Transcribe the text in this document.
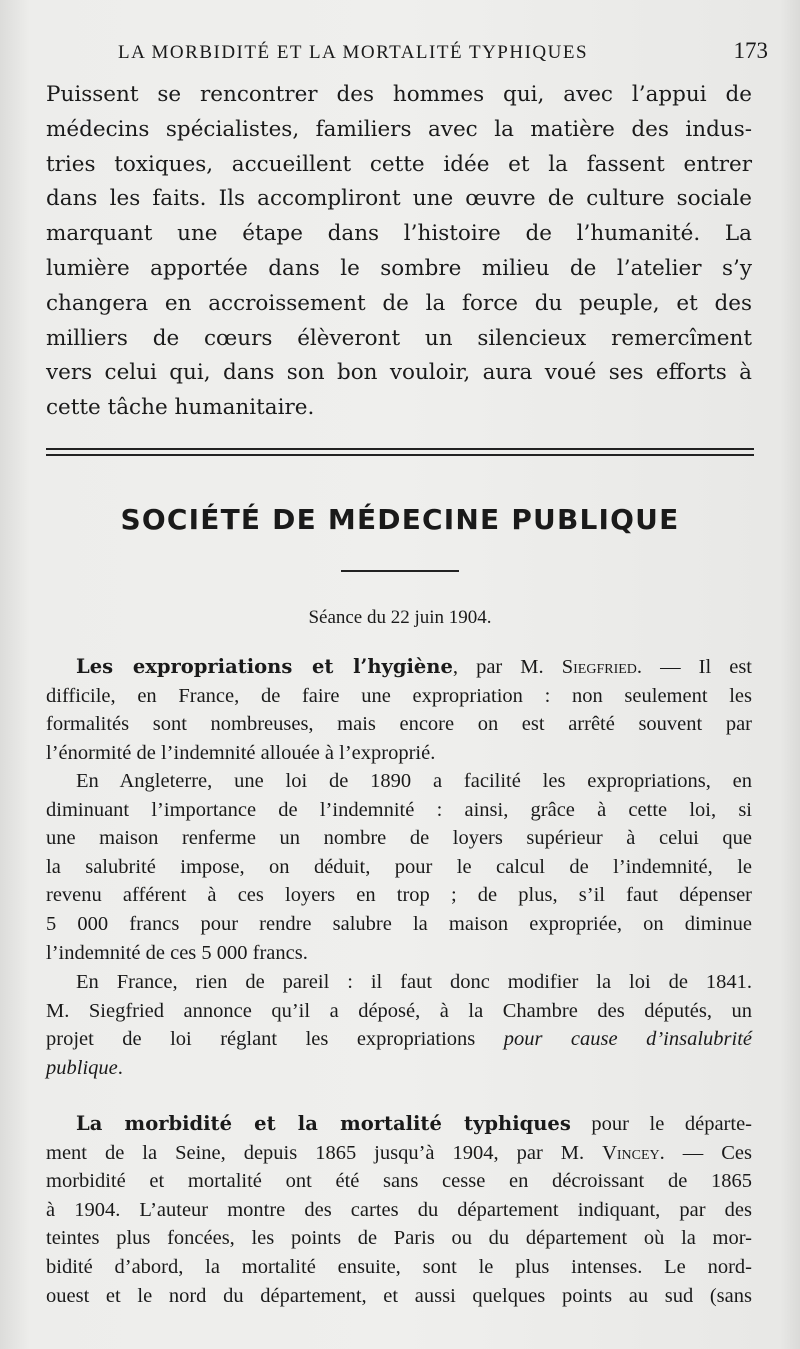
LA MORBIDITÉ ET LA MORTALITÉ TYPHIQUES	173
Puissent se rencontrer des hommes qui, avec l’appui de
médecins spécialistes, familiers avec la matière des indus-
tries toxiques, accueillent cette idée et la fassent entrer
dans les faits. Ils accompliront une œuvre de culture sociale
marquant une étape dans l’histoire de l’humanité. La
lumière apportée dans le sombre milieu de l’atelier s’y
changera en accroissement de la force du peuple, et des
milliers de cœurs élèveront un silencieux remercîment
vers celui qui, dans son bon vouloir, aura voué ses efforts à
cette tâche humanitaire.
SOCIÉTÉ DE MÉDECINE PUBLIQUE
Séance du 22 juin 1904.
Les expropriations et l’hygiène, par M. Siegfried. — Il est
difficile, en France, de faire une expropriation : non seulement les
formalités sont nombreuses, mais encore on est arrêté souvent par
l’énormité de l’indemnité allouée à l’exproprié.
En Angleterre, une loi de 1890 a facilité les expropriations, en
diminuant l’importance de l’indemnité : ainsi, grâce à cette loi, si
une maison renferme un nombre de loyers supérieur à celui que
la salubrité impose, on déduit, pour le calcul de l’indemnité, le
revenu afférent à ces loyers en trop ; de plus, s’il faut dépenser
5 000 francs pour rendre salubre la maison expropriée, on diminue
l’indemnité de ces 5 000 francs.
En France, rien de pareil : il faut donc modifier la loi de 1841.
M. Siegfried annonce qu’il a déposé, à la Chambre des députés, un
projet de loi réglant les expropriations pour cause d’insalubrité
publique.
La morbidité et la mortalité typhiques pour le départe-
ment de la Seine, depuis 1865 jusqu’à 1904, par M. Vincey. — Ces
morbidité et mortalité ont été sans cesse en décroissant de 1865
à 1904. L’auteur montre des cartes du département indiquant, par des
teintes plus foncées, les points de Paris ou du département où la mor-
bidité d’abord, la mortalité ensuite, sont le plus intenses. Le nord-
ouest et le nord du département, et aussi quelques points au sud (sans
